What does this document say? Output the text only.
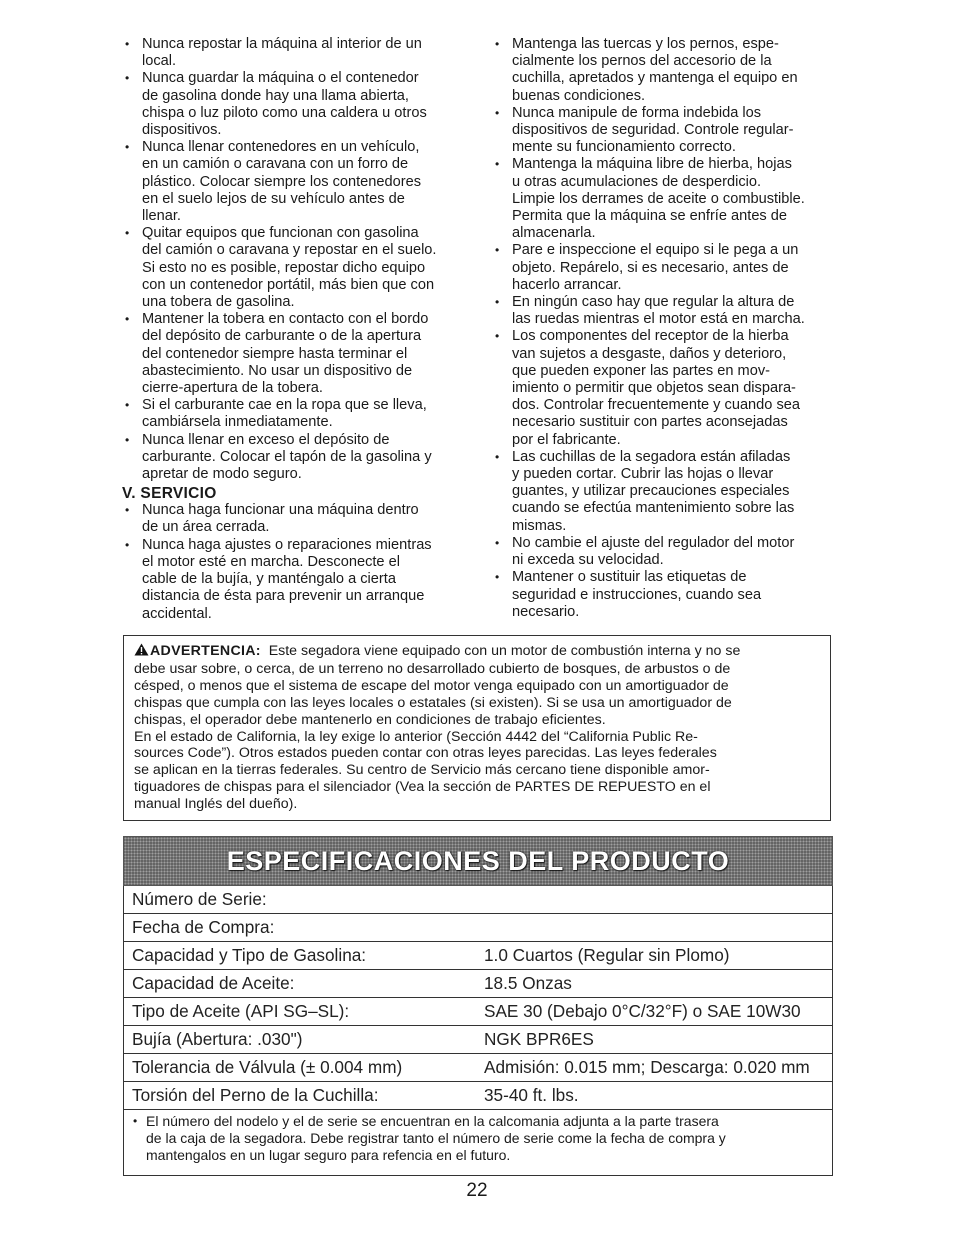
• Nunca repostar la máquina al interior de un
local.
• Nunca guardar la máquina o el contenedor
de gasolina donde hay una llama abierta,
chispa o luz piloto como una caldera u otros
dispositivos.
• Nunca llenar contenedores en un vehículo,
en un camión o caravana con un forro de
plástico. Colocar siempre los contenedores
en el suelo lejos de su vehículo antes de
llenar.
• Quitar equipos que funcionan con gasolina
del camión o caravana y repostar en el suelo.
Si esto no es posible, repostar dicho equipo
con un contenedor portátil, más bien que con
una tobera de gasolina.
• Mantener la tobera en contacto con el bordo
del depósito de carburante o de la apertura
del contenedor siempre hasta terminar el
abastecimiento. No usar un dispositivo de
cierre-apertura de la tobera.
• Si el carburante cae en la ropa que se lleva,
cambiársela inmediatamente.
• Nunca llenar en exceso el depósito de
carburante. Colocar el tapón de la gasolina y
apretar de modo seguro.
V. SERVICIO
• Nunca haga funcionar una máquina dentro
de un área cerrada.
• Nunca haga ajustes o reparaciones mientras
el motor esté en marcha. Desconecte el
cable de la bujía, y manténgalo a cierta
distancia de ésta para prevenir un arranque
accidental.
• Mantenga las tuercas y los pernos, espe-
cialmente los pernos del accesorio de la
cuchilla, apretados y mantenga el equipo en
buenas condiciones.
• Nunca manipule de forma indebida los
dispositivos de seguridad. Controle regular-
mente su funcionamiento correcto.
• Mantenga la máquina libre de hierba, hojas
u otras acumulaciones de desperdicio.
Limpie los derrames de aceite o combustible.
Permita que la máquina se enfríe antes de
almacenarla.
• Pare e inspeccione el equipo si le pega a un
objeto. Repárelo, si es necesario, antes de
hacerlo arrancar.
• En ningún caso hay que regular la altura de
las ruedas mientras el motor está en marcha.
• Los componentes del receptor de la hierba
van sujetos a desgaste, daños y deterioro,
que pueden exponer las partes en mov-
imiento o permitir que objetos sean dispara-
dos. Controlar frecuentemente y cuando sea
necesario sustituir con partes aconsejadas
por el fabricante.
• Las cuchillas de la segadora están afiladas
y pueden cortar. Cubrir las hojas o llevar
guantes, y utilizar precauciones especiales
cuando se efectúa mantenimiento sobre las
mismas.
• No cambie el ajuste del regulador del motor
ni exceda su velocidad.
• Mantener o sustituir las etiquetas de
seguridad e instrucciones, cuando sea
necesario.
ADVERTENCIA: Este segadora viene equipado con un motor de combustión interna y no se
debe usar sobre, o cerca, de un terreno no desarrollado cubierto de bosques, de arbustos o de
césped, o menos que el sistema de escape del motor venga equipado con un amortiguador de
chispas que cumpla con las leyes locales o estatales (si existen). Si se usa un amortiguador de
chispas, el operador debe mantenerlo en condiciones de trabajo eficientes.
En el estado de California, la ley exige lo anterior (Sección 4442 del “California Public Re-
sources Code”). Otros estados pueden contar con otras leyes parecidas. Las leyes federales
se aplican en la tierras federales. Su centro de Servicio más cercano tiene disponible amor-
tiguadores de chispas para el silenciador (Vea la sección de PARTES DE REPUESTO en el
manual Inglés del dueño).
ESPECIFICACIONES DEL PRODUCTO
Número de Serie:
Fecha de Compra:
Capacidad y Tipo de Gasolina:	1.0 Cuartos (Regular sin Plomo)
Capacidad de Aceite:	18.5 Onzas
Tipo de Aceite (API SG–SL):	SAE 30 (Debajo 0°C/32°F) o SAE 10W30
Bujía (Abertura: .030")	NGK BPR6ES
Tolerancia de Válvula (± 0.004 mm)	Admisión: 0.015 mm; Descarga: 0.020 mm
Torsión del Perno de la Cuchilla:	35-40 ft. lbs.
• El número del nodelo y el de serie se encuentran en la calcomania adjunta a la parte trasera
de la caja de la segadora. Debe registrar tanto el número de serie come la fecha de compra y
mantengalos en un lugar seguro para refencia en el futuro.
22
